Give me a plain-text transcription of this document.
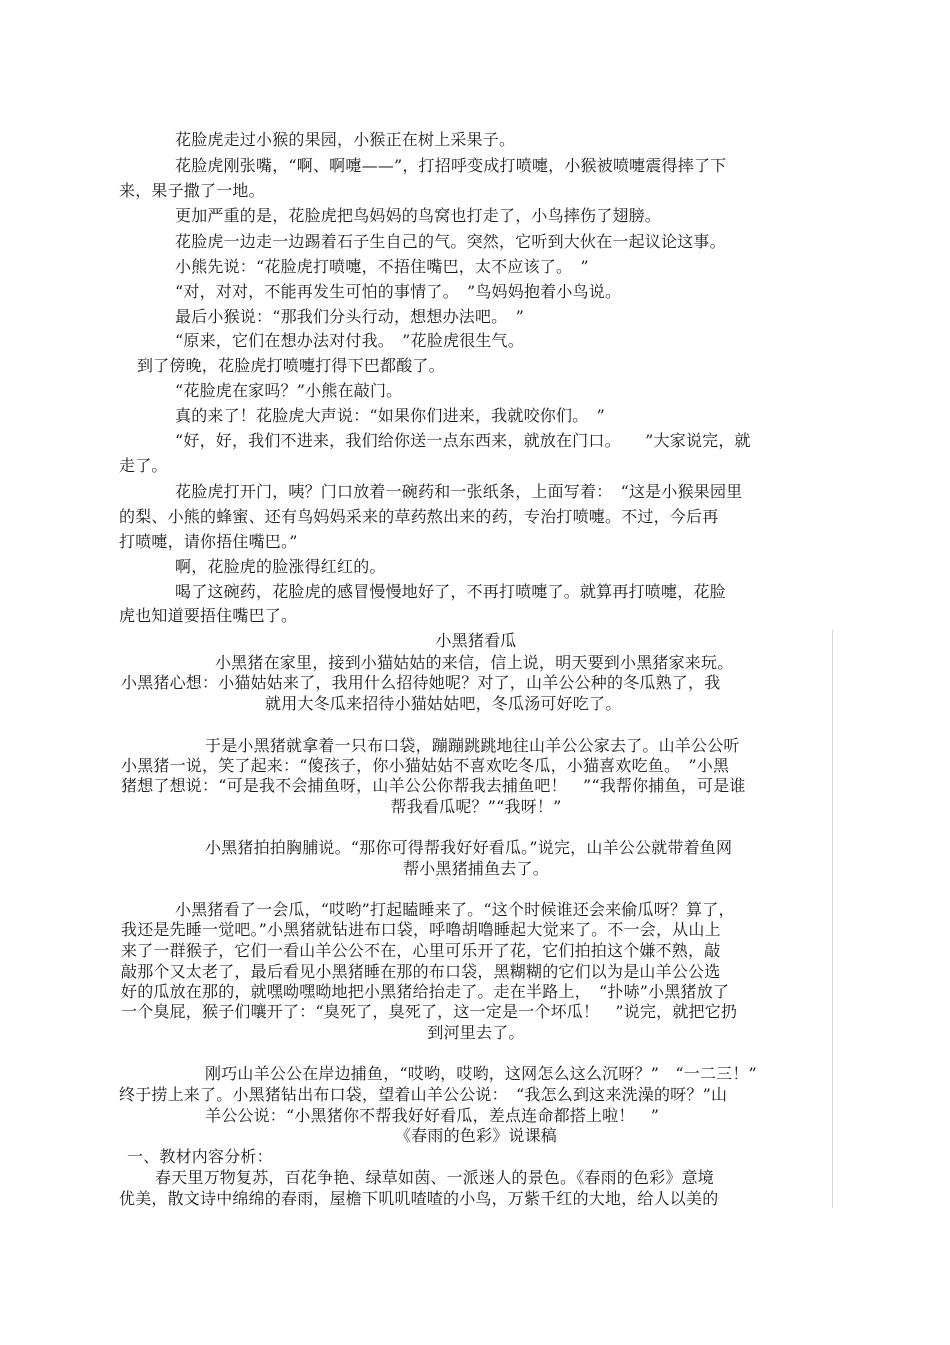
花脸虎走过小猴的果园，小猴正在树上采果子。
花脸虎刚张嘴，“啊、啊嚏——”，打招呼变成打喷嚏，小猴被喷嚏震得摔了下
来，果子撒了一地。
更加严重的是，花脸虎把鸟妈妈的鸟窝也打走了，小鸟摔伤了翅膀。
花脸虎一边走一边踢着石子生自己的气。突然，它听到大伙在一起议论这事。
小熊先说：“花脸虎打喷嚏，不捂住嘴巴，太不应该了。　”
“对，对对，不能再发生可怕的事情了。　”鸟妈妈抱着小鸟说。
最后小猴说：“那我们分头行动，想想办法吧。　”
“原来，它们在想办法对付我。　”花脸虎很生气。
到了傍晚，花脸虎打喷嚏打得下巴都酸了。
“花脸虎在家吗？”小熊在敲门。
真的来了！花脸虎大声说：“如果你们进来，我就咬你们。　”
“好，好，我们不进来，我们给你送一点东西来，就放在门口。　　”大家说完，就
走了。
花脸虎打开门，咦？门口放着一碗药和一张纸条，上面写着：　“这是小猴果园里
的梨、小熊的蜂蜜、还有鸟妈妈采来的草药熬出来的药，专治打喷嚏。不过，今后再
打喷嚏，请你捂住嘴巴。”
啊，花脸虎的脸涨得红红的。
喝了这碗药，花脸虎的感冒慢慢地好了，不再打喷嚏了。就算再打喷嚏，花脸
虎也知道要捂住嘴巴了。
小黑猪看瓜
小黑猪在家里，接到小猫姑姑的来信，信上说，明天要到小黑猪家来玩。
小黑猪心想：小猫姑姑来了，我用什么招待她呢？对了，山羊公公种的冬瓜熟了，我
就用大冬瓜来招待小猫姑姑吧，冬瓜汤可好吃了。
于是小黑猪就拿着一只布口袋，蹦蹦跳跳地往山羊公公家去了。山羊公公听
小黑猪一说，笑了起来：“傻孩子，你小猫姑姑不喜欢吃冬瓜，小猫喜欢吃鱼。　”小黑
猪想了想说：“可是我不会捕鱼呀，山羊公公你帮我去捕鱼吧！　”“我帮你捕鱼，可是谁
帮我看瓜呢？”“我呀！”
小黑猪拍拍胸脯说。“那你可得帮我好好看瓜。”说完，山羊公公就带着鱼网
帮小黑猪捕鱼去了。
小黑猪看了一会瓜，“哎哟”打起瞌睡来了。“这个时候谁还会来偷瓜呀？算了，
我还是先睡一觉吧。”小黑猪就钻进布口袋，呼噜胡噜睡起大觉来了。不一会，从山上
来了一群猴子，它们一看山羊公公不在，心里可乐开了花，它们拍拍这个嫌不熟，敲
敲那个又太老了，最后看见小黑猪睡在那的布口袋，黑糊糊的它们以为是山羊公公选
好的瓜放在那的，就嘿呦嘿呦地把小黑猪给抬走了。走在半路上，　“扑哧”小黑猪放了
一个臭屁，猴子们嚷开了：“臭死了，臭死了，这一定是一个坏瓜！　”说完，就把它扔
到河里去了。
刚巧山羊公公在岸边捕鱼，“哎哟，哎哟，这网怎么这么沉呀？”　“一二三！”
终于捞上来了。小黑猪钻出布口袋，望着山羊公公说：　“我怎么到这来洗澡的呀？”山
羊公公说：“小黑猪你不帮我好好看瓜，差点连命都搭上啦！　”
《春雨的色彩》说课稿
一、教材内容分析：
春天里万物复苏，百花争艳、绿草如茵、一派迷人的景色。《春雨的色彩》意境
优美，散文诗中绵绵的春雨，屋檐下叽叽喳喳的小鸟，万紫千红的大地，给人以美的
